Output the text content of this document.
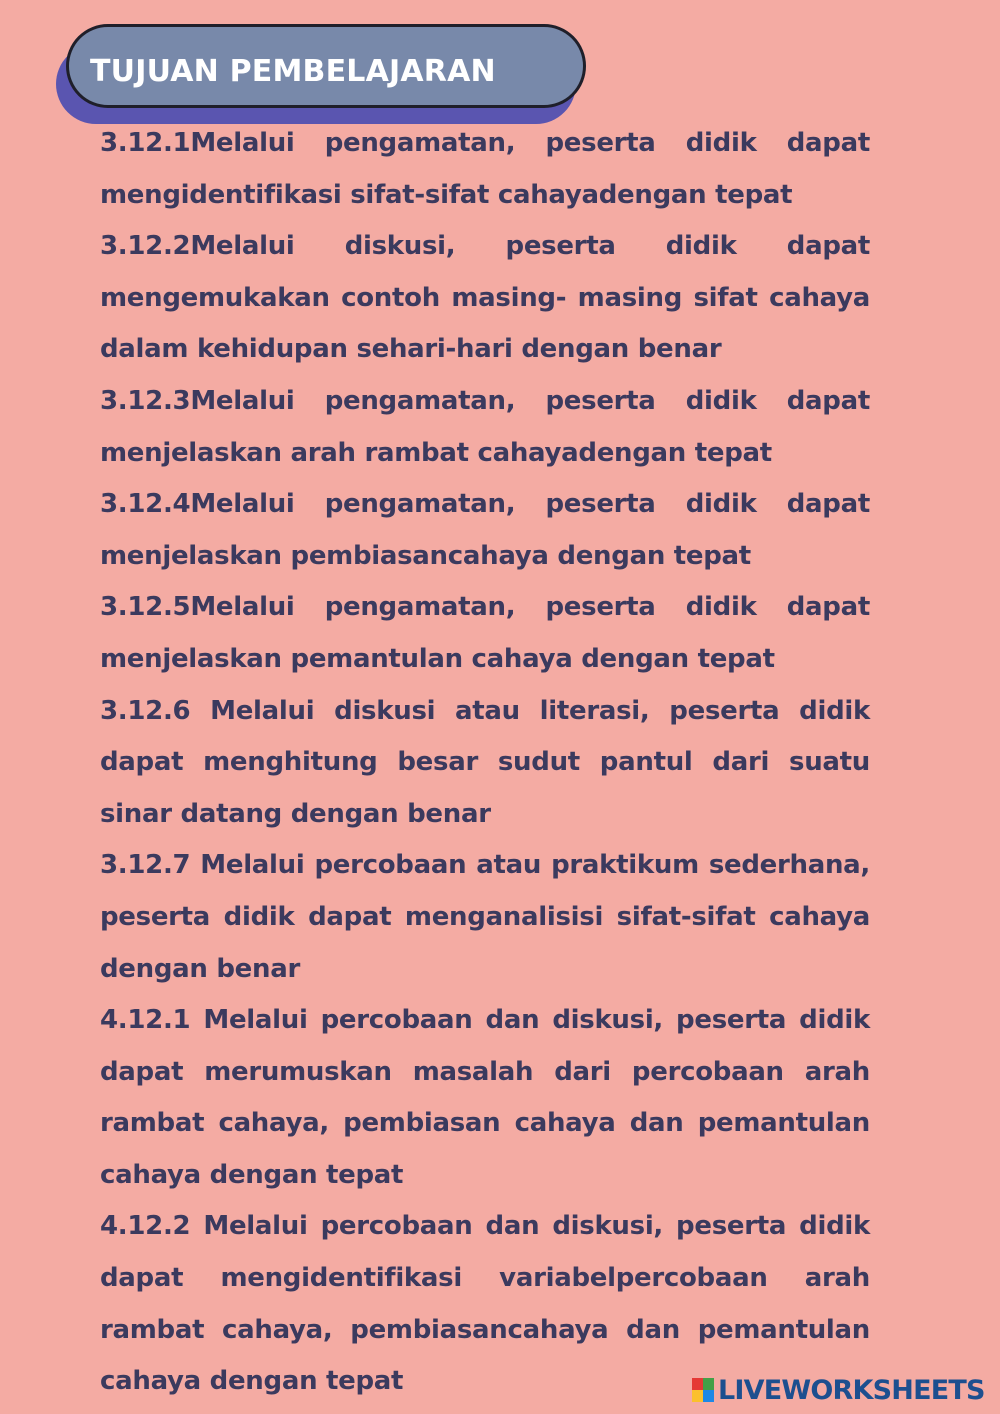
TUJUAN PEMBELAJARAN

3.12.1Melalui pengamatan, peserta didik dapat mengidentifikasi sifat-sifat cahayadengan tepat

3.12.2Melalui diskusi, peserta didik dapat mengemukakan contoh masing- masing sifat cahaya dalam kehidupan sehari-hari dengan benar

3.12.3Melalui pengamatan, peserta didik dapat menjelaskan arah rambat cahayadengan tepat

3.12.4Melalui pengamatan, peserta didik dapat menjelaskan pembiasancahaya dengan tepat

3.12.5Melalui pengamatan, peserta didik dapat menjelaskan pemantulan cahaya dengan tepat

3.12.6 Melalui diskusi atau literasi, peserta didik dapat menghitung besar sudut pantul dari suatu sinar datang dengan benar

3.12.7 Melalui percobaan atau praktikum sederhana, peserta didik dapat menganalisisi sifat-sifat cahaya dengan benar

4.12.1 Melalui percobaan dan diskusi, peserta didik dapat merumuskan masalah dari percobaan arah rambat cahaya, pembiasan cahaya dan pemantulan cahaya dengan tepat

4.12.2 Melalui percobaan dan diskusi, peserta didik dapat mengidentifikasi variabelpercobaan arah rambat cahaya, pembiasancahaya dan pemantulan cahaya dengan tepat	LIVEWORKSHEETS
